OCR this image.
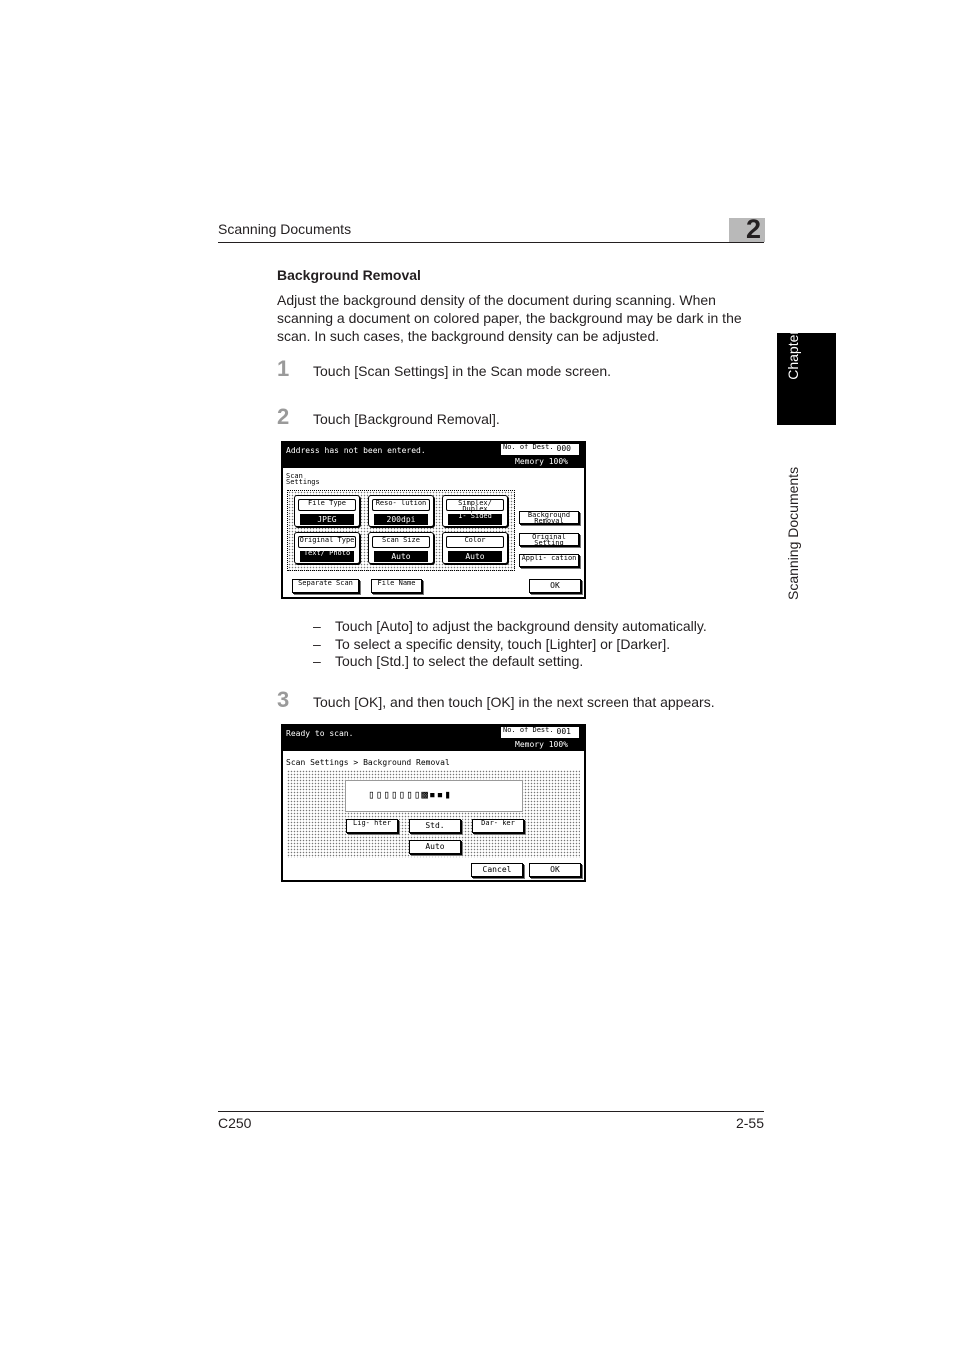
Scanning Documents	2
Chapter 2
Scanning Documents
Background Removal
Adjust the background density of the document during scanning. When scanning a document on colored paper, the background may be dark in the scan. In such cases, the background density can be adjusted.
1 Touch [Scan Settings] in the Scan mode screen.
2 Touch [Background Removal].
Address has not been entered.	No. of Dest. 000
Memory 100%
Scan Settings
File Type
JPEG
Reso- lution
200dpi
Simplex/ Duplex
1- Sided
Original Type
Text/ Photo
Scan Size
Auto
Color
Auto
Background Removal
Original Setting
Appli- cation
Separate Scan	File Name	OK
– Touch [Auto] to adjust the background density automatically.
– To select a specific density, touch [Lighter] or [Darker].
– Touch [Std.] to select the default setting.
3 Touch [OK], and then touch [OK] in the next screen that appears.
Ready to scan.	No. of Dest. 001
Memory 100%
Scan Settings > Background Removal
▯▯▯▯▯▯▯▩▪▪▮
Lig- hter	Std.	Dar- ker
Auto
Cancel	OK
C250	2-55
